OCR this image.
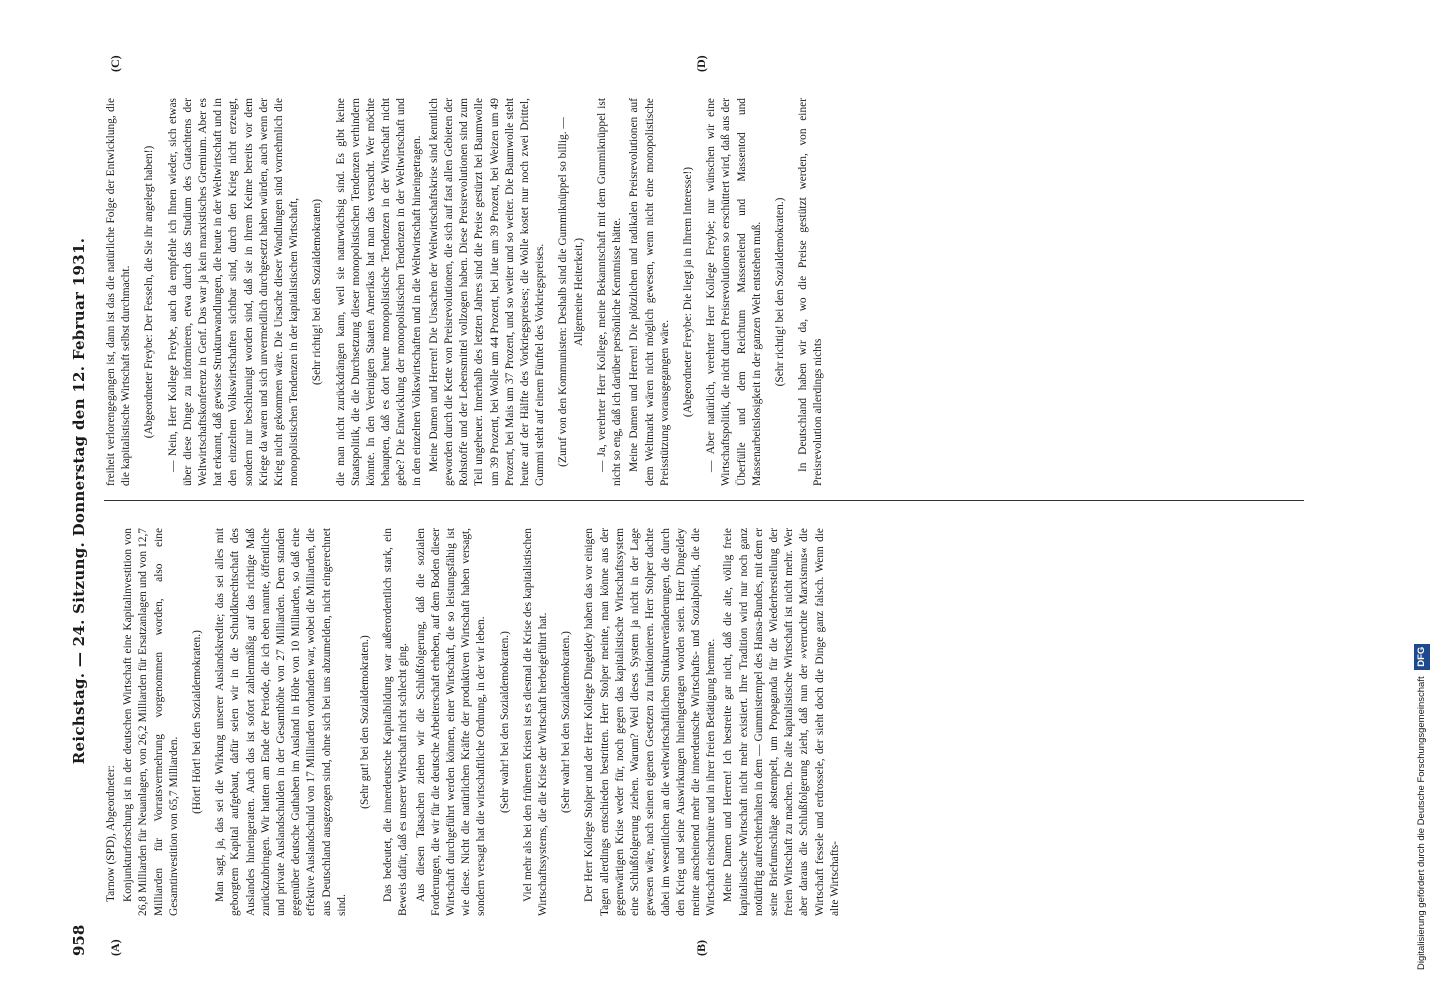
958
Reichstag. — 24. Sitzung. Donnerstag den 12. Februar 1931.
(A)	(B)
(C)	(D)

Tarnow (SPD), Abgeordneter: Konjunkturforschung ist in der deutschen Wirtschaft eine Kapitalinvestition von 26,8 Milliarden für Neuanlagen, von 26,2 Milliarden für Ersatzanlagen und von 12,7 Milliarden für Vorratsvermehrung vorgenommen worden, also eine Gesamtinvestition von 65,7 Milliarden.

(Hört! Hört! bei den Sozialdemokraten.) Man sagt, ja, das sei die Wirkung unserer Auslandskredite; das sei alles mit geborgtem Kapital aufgebaut, dafür seien wir in die Schuldknechtschaft des Auslandes hineingeraten. Auch das ist sofort zahlenmäßig auf das richtige Maß zurückzubringen. Wir hatten am Ende der Periode, die ich eben nannte, öffentliche und private Auslandschulden in der Gesamthöhe von 27 Milliarden. Dem standen gegenüber deutsche Guthaben im Ausland in Höhe von 10 Milliarden, so daß eine effektive Auslandschuld von 17 Milliarden vorhanden war, wobei die Milliarden, die aus Deutschland ausgezogen sind, ohne sich bei uns abzumelden, nicht eingerechnet sind.

(Sehr gut! bei den Sozialdemokraten.) Das bedeutet, die innerdeutsche Kapitalbildung war außerordentlich stark, ein Beweis dafür, daß es unserer Wirtschaft nicht schlecht ging. Aus diesen Tatsachen ziehen wir die Schlußfolgerung, daß die sozialen Forderungen, die wir für die deutsche Arbeiterschaft erheben, auf dem Boden dieser Wirtschaft durchgeführt werden können, einer Wirtschaft, die so leistungsfähig ist wie diese. Nicht die natürlichen Kräfte der produktiven Wirtschaft haben versagt, sondern versagt hat die wirtschaftliche Ordnung, in der wir leben. (Sehr wahr! bei den Sozialdemokraten.) Viel mehr als bei den früheren Krisen ist es diesmal die Krise des kapitalistischen Wirtschaftssystems, die die Krise der Wirtschaft herbeigeführt hat. (Sehr wahr! bei den Sozialdemokraten.) Der Herr Kollege Stolper und der Herr Kollege Dingeldey haben das vor einigen Tagen allerdings entschieden bestritten. Herr Stolper meinte, man könne aus der gegenwärtigen Krise weder für, noch gegen das kapitalistische Wirtschaftssystem eine Schlußfolgerung ziehen. Warum? Weil dieses System ja nicht in der Lage gewesen wäre, nach seinen eigenen Gesetzen zu funktionieren. Herr Stolper dachte dabei im wesentlichen an die weltwirtschaftlichen Strukturveränderungen, die durch den Krieg und seine Auswirkungen hineingetragen worden seien. Herr Dingeldey meinte anscheinend mehr die innerdeutsche Wirtschafts- und Sozialpolitik, die die Wirtschaft einschnüre und in ihrer freien Betätigung hemme. Meine Damen und Herren! Ich bestreite gar nicht, daß die alte, völlig freie kapitalistische Wirtschaft nicht mehr existiert. Ihre Tradition wird nur noch ganz notdürftig aufrechterhalten in dem — Gummistempel des Hansa-Bundes, mit dem er seine Briefumschläge abstempelt, um Propaganda für die Wiederherstellung der freien Wirtschaft zu machen. Die alte kapitalistische Wirtschaft ist nicht mehr. Wer aber daraus die Schlußfolgerung zieht, daß nun der »verruchte Marxismus« die Wirtschaft fessele und erdrossele, der sieht doch die Dinge ganz falsch. Wenn die alte Wirtschafts-

freiheit verlorengegangen ist, dann ist das die natürliche Folge der Entwicklung, die die kapitalistische Wirtschaft selbst durchmacht. (Abgeordneter Freybe: Der Fesseln, die Sie ihr angelegt haben!) — Nein, Herr Kollege Freybe, auch da empfehle ich Ihnen wieder, sich etwas über diese Dinge zu informieren, etwa durch das Studium des Gutachtens der Weltwirtschaftskonferenz in Genf. Das war ja kein marxistisches Gremium. Aber es hat erkannt, daß gewisse Strukturwandlungen, die heute in der Weltwirtschaft und in den einzelnen Volkswirtschaften sichtbar sind, durch den Krieg nicht erzeugt, sondern nur beschleunigt worden sind, daß sie in ihrem Keime bereits vor dem Kriege da waren und sich unvermeidlich durchgesetzt haben würden, auch wenn der Krieg nicht gekommen wäre. Die Ursache dieser Wandlungen sind vornehmlich die monopolistischen Tendenzen in der kapitalistischen Wirtschaft, (Sehr richtig! bei den Sozialdemokraten) die man nicht zurückdrängen kann, weil sie naturwüchsig sind. Es gibt keine Staatspolitik, die die Durchsetzung dieser monopolistischen Tendenzen verhindern könnte. In den Vereinigten Staaten Amerikas hat man das versucht. Wer möchte behaupten, daß es dort heute monopolistische Tendenzen in der Wirtschaft nicht gebe? Die Entwicklung der monopolistischen Tendenzen in der Weltwirtschaft und in den einzelnen Volkswirtschaften und in die Weltwirtschaft hineingetragen. Meine Damen und Herren! Die Ursachen der Weltwirtschaftskrise sind kenntlich geworden durch die Kette von Preisrevolutionen, die sich auf fast allen Gebieten der Rohstoffe und der Lebensmittel vollzogen haben. Diese Preisrevolutionen sind zum Teil ungeheuer. Innerhalb des letzten Jahres sind die Preise gestürzt bei Baumwolle um 39 Prozent, bei Wolle um 44 Prozent, bei Jute um 39 Prozent, bei Weizen um 49 Prozent, bei Mais um 37 Prozent, und so weiter und so weiter. Die Baumwolle steht heute auf der Hälfte des Vorkriegspreises; die Wolle kostet nur noch zwei Drittel, Gummi steht auf einem Fünftel des Vorkriegspreises. (Zuruf von den Kommunisten: Deshalb sind die Gummiknüppel so billig. — Allgemeine Heiterkeit.) — Ja, verehrter Herr Kollege, meine Bekanntschaft mit dem Gummiknüppel ist nicht so eng, daß ich darüber persönliche Kenntnisse hätte. Meine Damen und Herren! Die plötzlichen und radikalen Preisrevolutionen auf dem Weltmarkt wären nicht möglich gewesen, wenn nicht eine monopolistische Preisstützung vorausgegangen wäre. (Abgeordneter Freybe: Die liegt ja in Ihrem Interesse!) — Aber natürlich, verehrter Herr Kollege Freybe; nur wünschen wir eine Wirtschaftspolitik, die nicht durch Preisrevolutionen so erschüttert wird, daß aus der Überfülle und dem Reichtum Massenelend und Massentod und Massenarbeitslosigkeit in der ganzen Welt entstehen muß. (Sehr richtig! bei den Sozialdemokraten.) In Deutschland haben wir da, wo die Preise gestützt werden, von einer Preisrevolution allerdings nichts

Digitalisierung gefördert durch die Deutsche Forschungsgemeinschaft DFG
